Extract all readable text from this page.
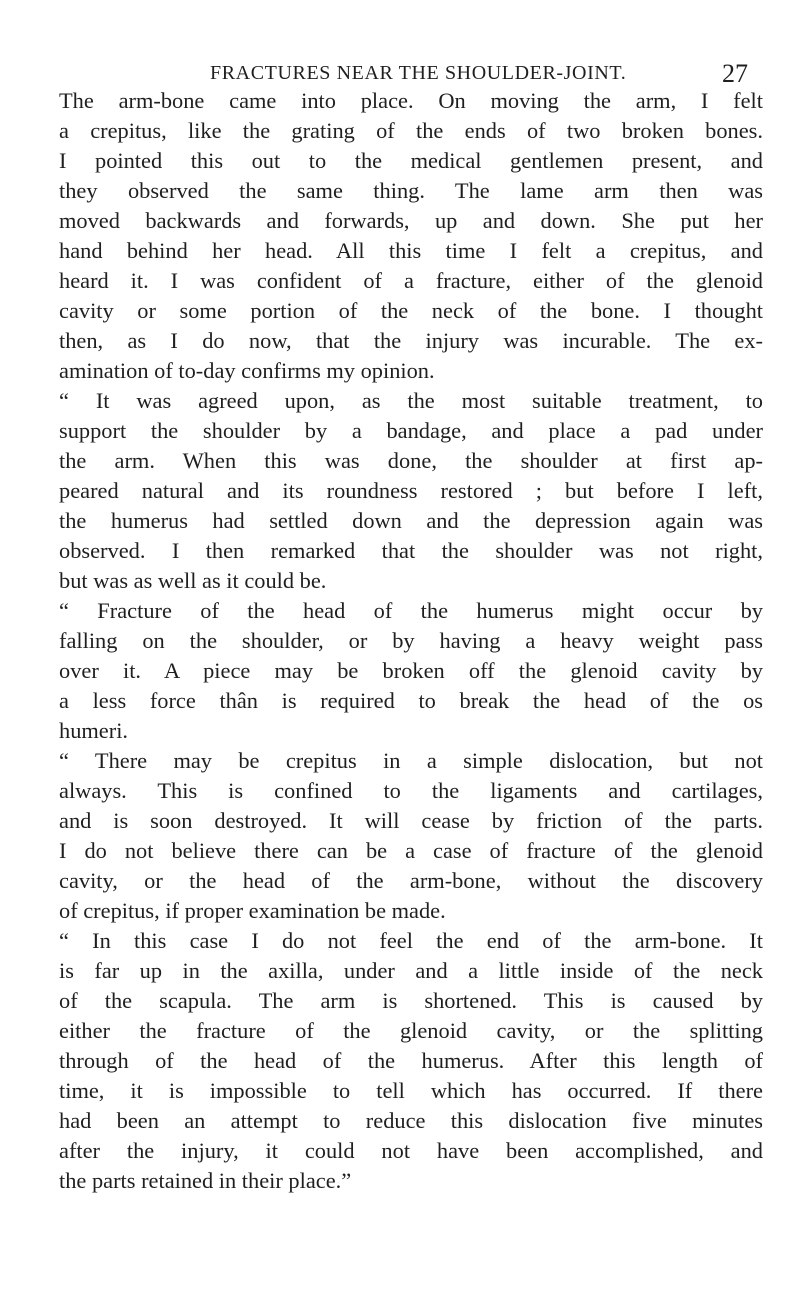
FRACTURES NEAR THE SHOULDER-JOINT.	27
The arm-bone came into place. On moving the arm, I felt
a crepitus, like the grating of the ends of two broken bones.
I pointed this out to the medical gentlemen present, and
they observed the same thing. The lame arm then was
moved backwards and forwards, up and down. She put her
hand behind her head. All this time I felt a crepitus, and
heard it. I was confident of a fracture, either of the glenoid
cavity or some portion of the neck of the bone. I thought
then, as I do now, that the injury was incurable. The ex-
amination of to-day confirms my opinion.
“ It was agreed upon, as the most suitable treatment, to
support the shoulder by a bandage, and place a pad under
the arm. When this was done, the shoulder at first ap-
peared natural and its roundness restored ; but before I left,
the humerus had settled down and the depression again was
observed. I then remarked that the shoulder was not right,
but was as well as it could be.
“ Fracture of the head of the humerus might occur by
falling on the shoulder, or by having a heavy weight pass
over it. A piece may be broken off the glenoid cavity by
a less force thân is required to break the head of the os
humeri.
“ There may be crepitus in a simple dislocation, but not
always. This is confined to the ligaments and cartilages,
and is soon destroyed. It will cease by friction of the parts.
I do not believe there can be a case of fracture of the glenoid
cavity, or the head of the arm-bone, without the discovery
of crepitus, if proper examination be made.
“ In this case I do not feel the end of the arm-bone. It
is far up in the axilla, under and a little inside of the neck
of the scapula. The arm is shortened. This is caused by
either the fracture of the glenoid cavity, or the splitting
through of the head of the humerus. After this length of
time, it is impossible to tell which has occurred. If there
had been an attempt to reduce this dislocation five minutes
after the injury, it could not have been accomplished, and
the parts retained in their place.”
